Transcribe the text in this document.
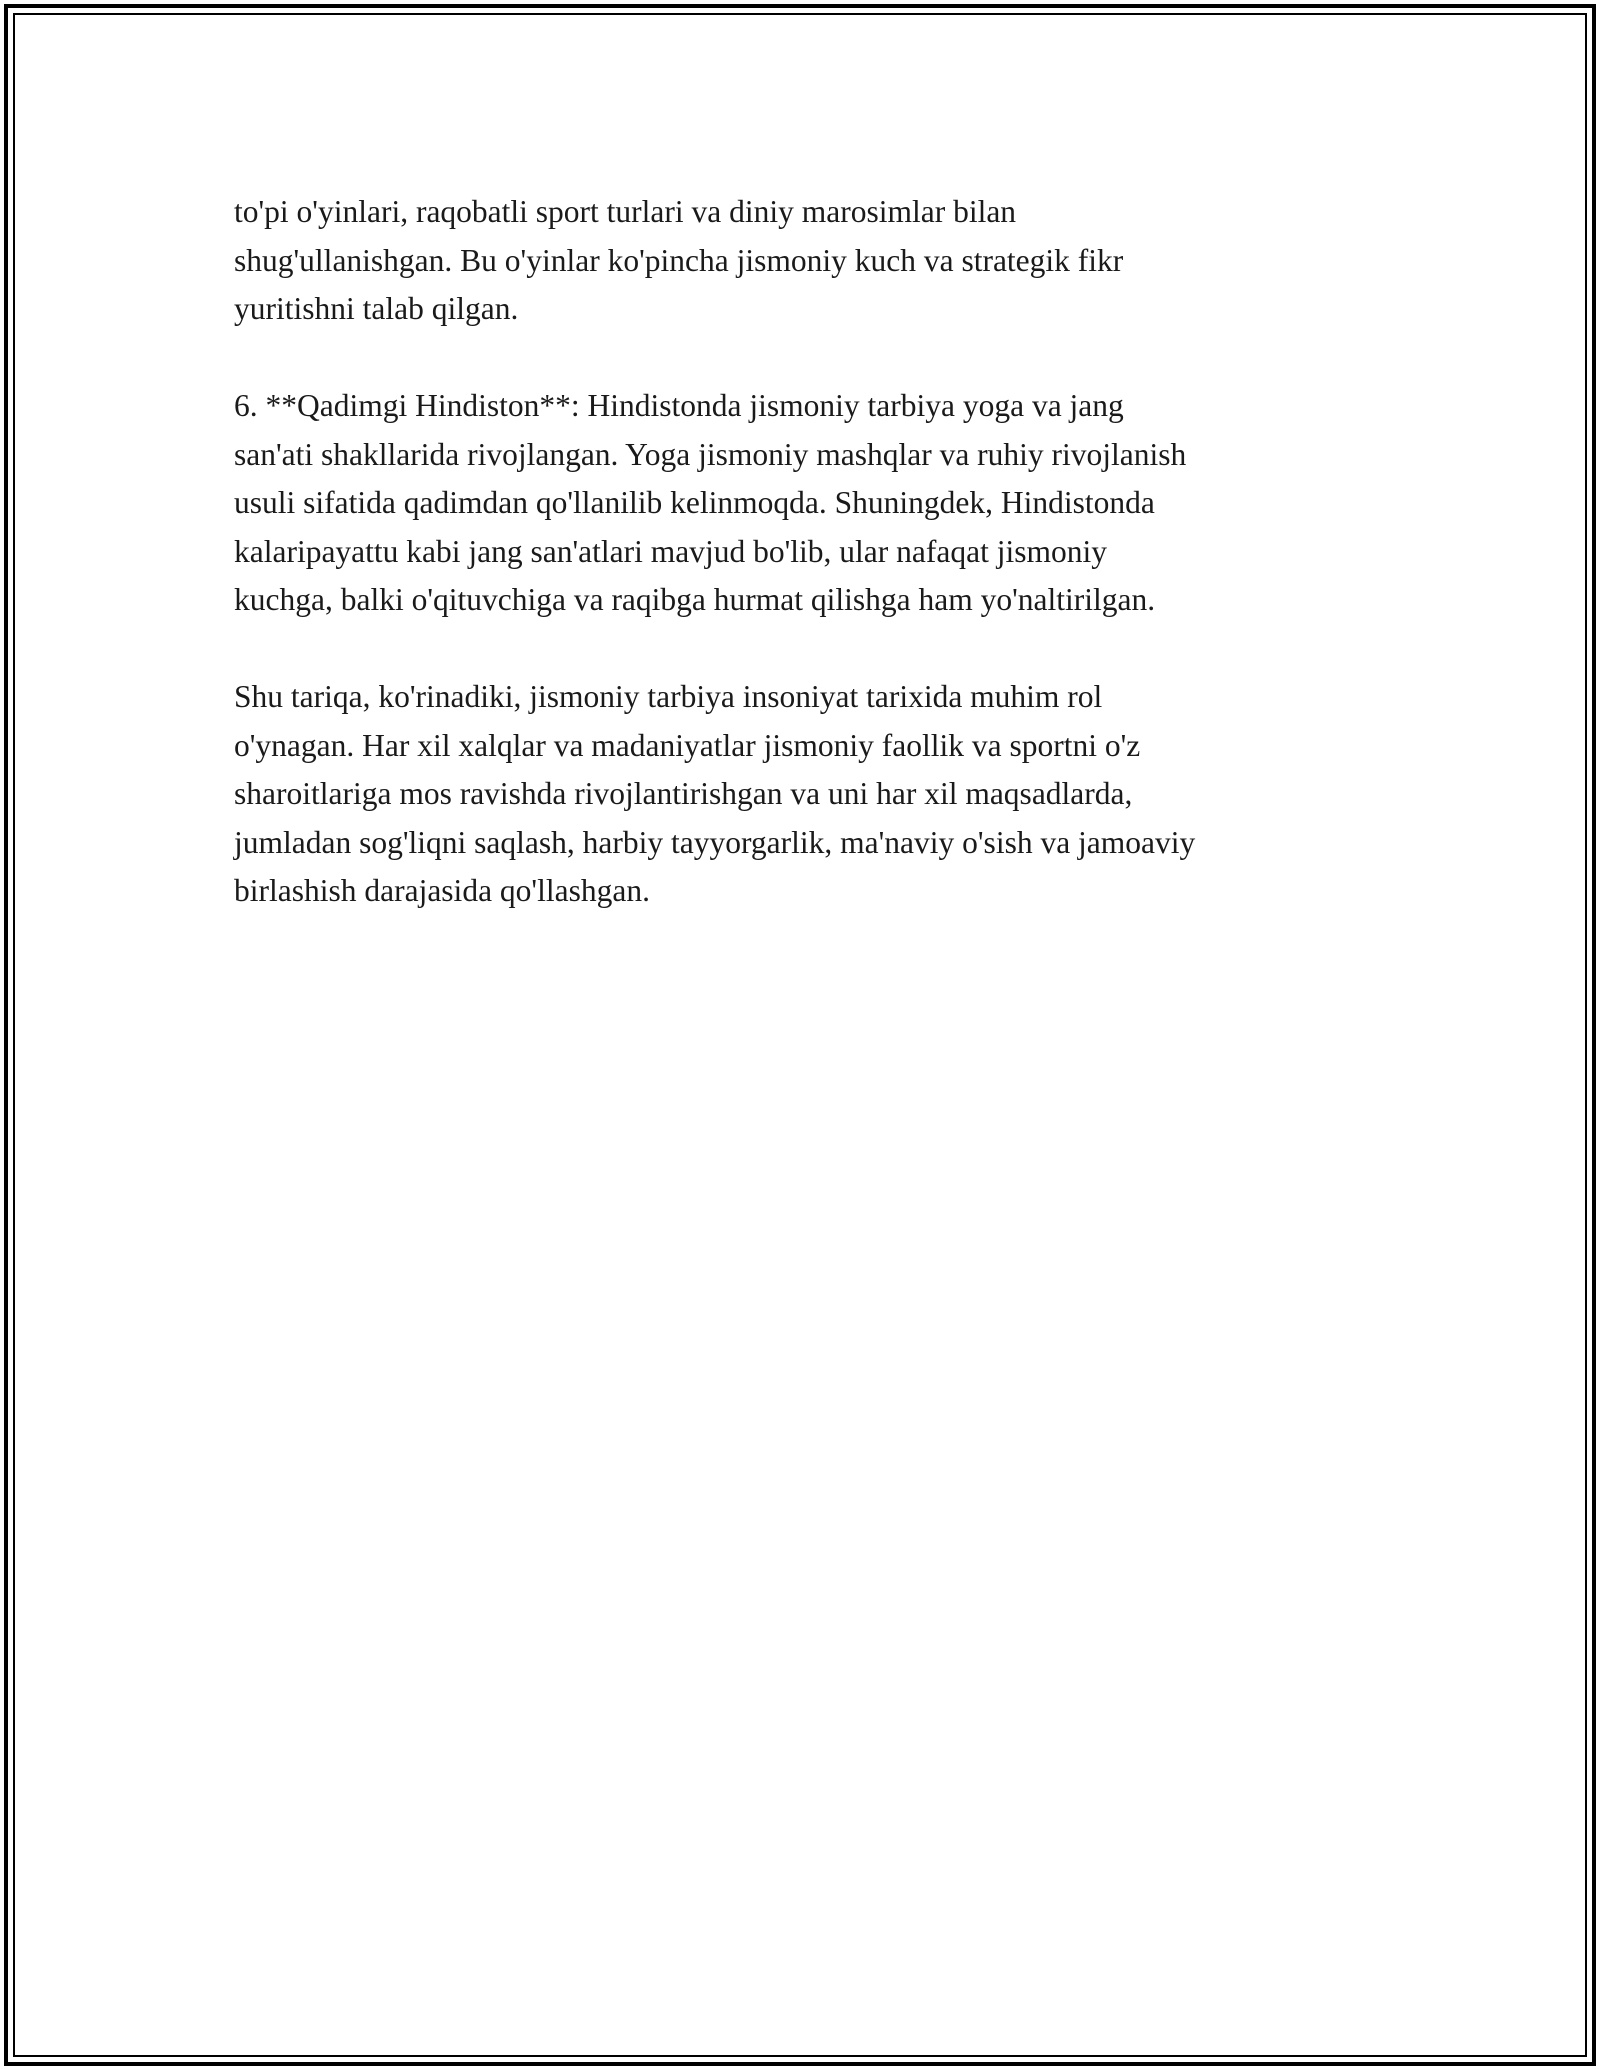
to'pi o'yinlari, raqobatli sport turlari va diniy marosimlar bilan
shug'ullanishgan. Bu o'yinlar ko'pincha jismoniy kuch va strategik fikr
yuritishni talab qilgan.

6. **Qadimgi Hindiston**: Hindistonda jismoniy tarbiya yoga va jang
san'ati shakllarida rivojlangan. Yoga jismoniy mashqlar va ruhiy rivojlanish
usuli sifatida qadimdan qo'llanilib kelinmoqda. Shuningdek, Hindistonda
kalaripayattu kabi jang san'atlari mavjud bo'lib, ular nafaqat jismoniy
kuchga, balki o'qituvchiga va raqibga hurmat qilishga ham yo'naltirilgan.

Shu tariqa, ko'rinadiki, jismoniy tarbiya insoniyat tarixida muhim rol
o'ynagan. Har xil xalqlar va madaniyatlar jismoniy faollik va sportni o'z
sharoitlariga mos ravishda rivojlantirishgan va uni har xil maqsadlarda,
jumladan sog'liqni saqlash, harbiy tayyorgarlik, ma'naviy o'sish va jamoaviy
birlashish darajasida qo'llashgan.
